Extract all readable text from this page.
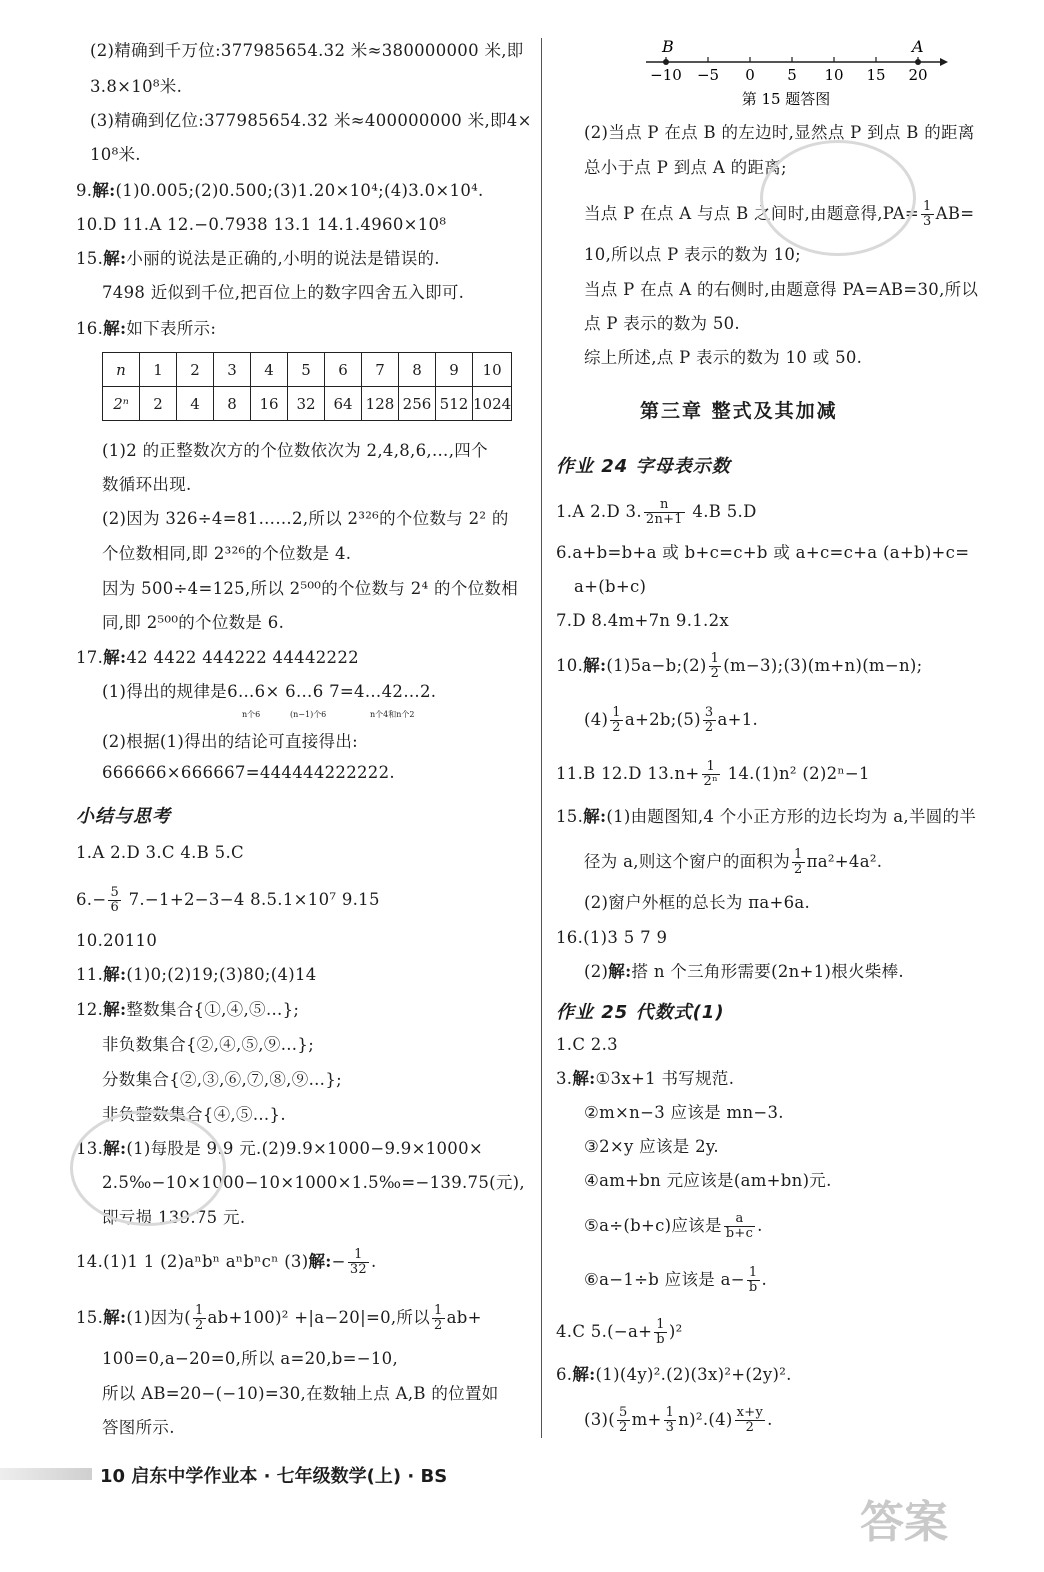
(2)精确到千万位:377985654.32 米≈380000000 米,即
3.8×10⁸米.
(3)精确到亿位:377985654.32 米≈400000000 米,即4×
10⁸米.
9.解:(1)0.005;(2)0.500;(3)1.20×10⁴;(4)3.0×10⁴.
10.D 11.A 12.−0.7938 13.1 14.1.4960×10⁸
15.解:小丽的说法是正确的,小明的说法是错误的.
7498 近似到千位,把百位上的数字四舍五入即可.
16.解:如下表所示:
n	1	2	3	4	5	6	7	8	9	10
2ⁿ	2	4	8	16	32	64	128	256	512	1024
(1)2 的正整数次方的个位数依次为 2,4,8,6,…,四个
数循环出现.
(2)因为 326÷4=81……2,所以 2³²⁶的个位数与 2² 的
个位数相同,即 2³²⁶的个位数是 4.
因为 500÷4=125,所以 2⁵⁰⁰的个位数与 2⁴ 的个位数相
同,即 2⁵⁰⁰的个位数是 6.
17.解:42 4422 444222 44442222
(1)得出的规律是6…6× 6…6 7=4…42…2.
n个6	(n−1)个6	n个4和n个2
(2)根据(1)得出的结论可直接得出:
666666×666667=444444222222.
小结与思考
1.A 2.D 3.C 4.B 5.C
$6.- \frac{5}{6} 7.-1+2-3-4$ 8.5.1×10⁷ 9.15
10.20110
11.解:(1)0;(2)19;(3)80;(4)14
12.解:整数集合{①,④,⑤…};
非负数集合{②,④,⑤,⑨…};
分数集合{②,③,⑥,⑦,⑧,⑨…};
非负整数集合{④,⑤…}.
13.解:(1)每股是 9.9 元.(2)9.9×1000−9.9×1000×
2.5‰−10×1000−10×1000×1.5‰=−139.75(元),
即亏损 139.75 元.
14.(1)1 1 (2)aⁿbⁿ aⁿbⁿcⁿ (3)解:− $\frac{1}{32}$ .
15.解:(1)因为( $\frac{1}{2} ab+100)^2 +|a-20|=0$,所以 $\frac{1}{2} ab+$
100=0,a−20=0,所以 a=20,b=−10,
所以 AB=20−(−10)=30,在数轴上点 A,B 的位置如
答图所示.
−10 −5 0 5 10 15 20
B	A
第 15 题答图
(2)当点 P 在点 B 的左边时,显然点 P 到点 B 的距离
总小于点 P 到点 A 的距离;
当点 P 在点 A 与点 B 之间时,由题意得$,PA= \frac{1}{3} AB=$
10,所以点 P 表示的数为 10;
当点 P 在点 A 的右侧时,由题意得 PA=AB=30,所以
点 P 表示的数为 50.
综上所述,点 P 表示的数为 10 或 50.
第三章 整式及其加减
作业 24 字母表示数
1.A 2.D 3. $\frac{n}{2n+1} 4.B$ 5.D
6.a+b=b+a 或 b+c=c+b 或 a+c=c+a (a+b)+c=
a+(b+c)
7.D 8.4m+7n 9.1.2x
10.解:(1)5a−b;(2) $\frac{1}{2}$ (m−3);(3)(m+n)(m−n);
$(4) \frac{1}{2}$ a+2b;(5) $\frac{3}{2} a+1$.
11.B 12.D $13.n+ \frac{1}{\text{2ⁿ}} 14.(1)n^2$ (2)2ⁿ−1
15.解:(1)由题图知,4 个小正方形的边长均为 a,半圆的半
径为 a,则这个窗户的面积为 $\frac{1}{2} \pi a^2+4a^2$.
(2)窗户外框的总长为 πa+6a.
16.(1)3 5 7 9
(2)解:搭 n 个三角形需要(2n+1)根火柴棒.
作业 25 代数式(1)
1.C 2.3
3.解:①3x+1 书写规范.
②m×n−3 应该是 mn−3.
③2×y 应该是 2y.
④am+bn 元应该是(am+bn)元.
⑤a÷(b+c)应该是 $\frac{a}{b+c}$ .
⑥a−1÷b 应该是 $a- \frac{1}{b}$ .
4.C $5.(-a+ \frac{1}{b} )^2$
6.解:(1)(4y)².(2)(3x)²+(2y)².
$(3)( \frac{5}{2} m+ \frac{1}{3} n)^2.(4) \frac{x+y}{2}$ .
答案
10 启东中学作业本 · 七年级数学(上) · BS
